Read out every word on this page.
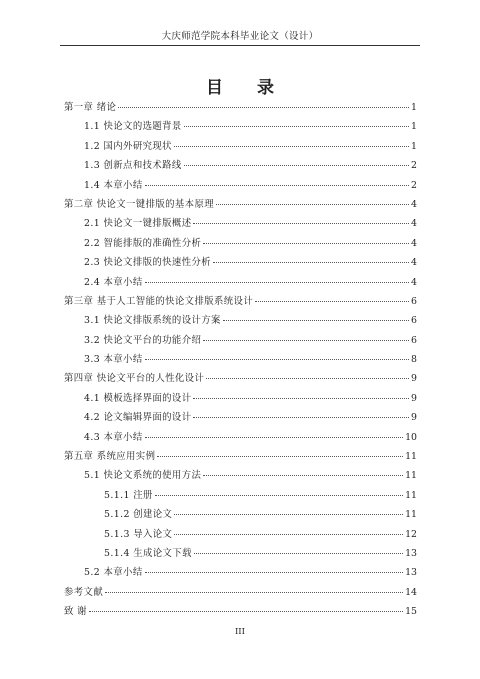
大庆师范学院本科毕业论文（设计）
目 录
第一章 绪论	1
1.1 快论文的选题背景	1
1.2 国内外研究现状	1
1.3 创新点和技术路线	2
1.4 本章小结	2
第二章 快论文一键排版的基本原理	4
2.1 快论文一键排版概述	4
2.2 智能排版的准确性分析	4
2.3 快论文排版的快速性分析	4
2.4 本章小结	4
第三章 基于人工智能的快论文排版系统设计	6
3.1 快论文排版系统的设计方案	6
3.2 快论文平台的功能介绍	6
3.3 本章小结	8
第四章 快论文平台的人性化设计	9
4.1 模板选择界面的设计	9
4.2 论文编辑界面的设计	9
4.3 本章小结	10
第五章 系统应用实例	11
5.1 快论文系统的使用方法	11
5.1.1 注册	11
5.1.2 创建论文	11
5.1.3 导入论文	12
5.1.4 生成论文下载	13
5.2 本章小结	13
参考文献	14
致 谢	15
III
